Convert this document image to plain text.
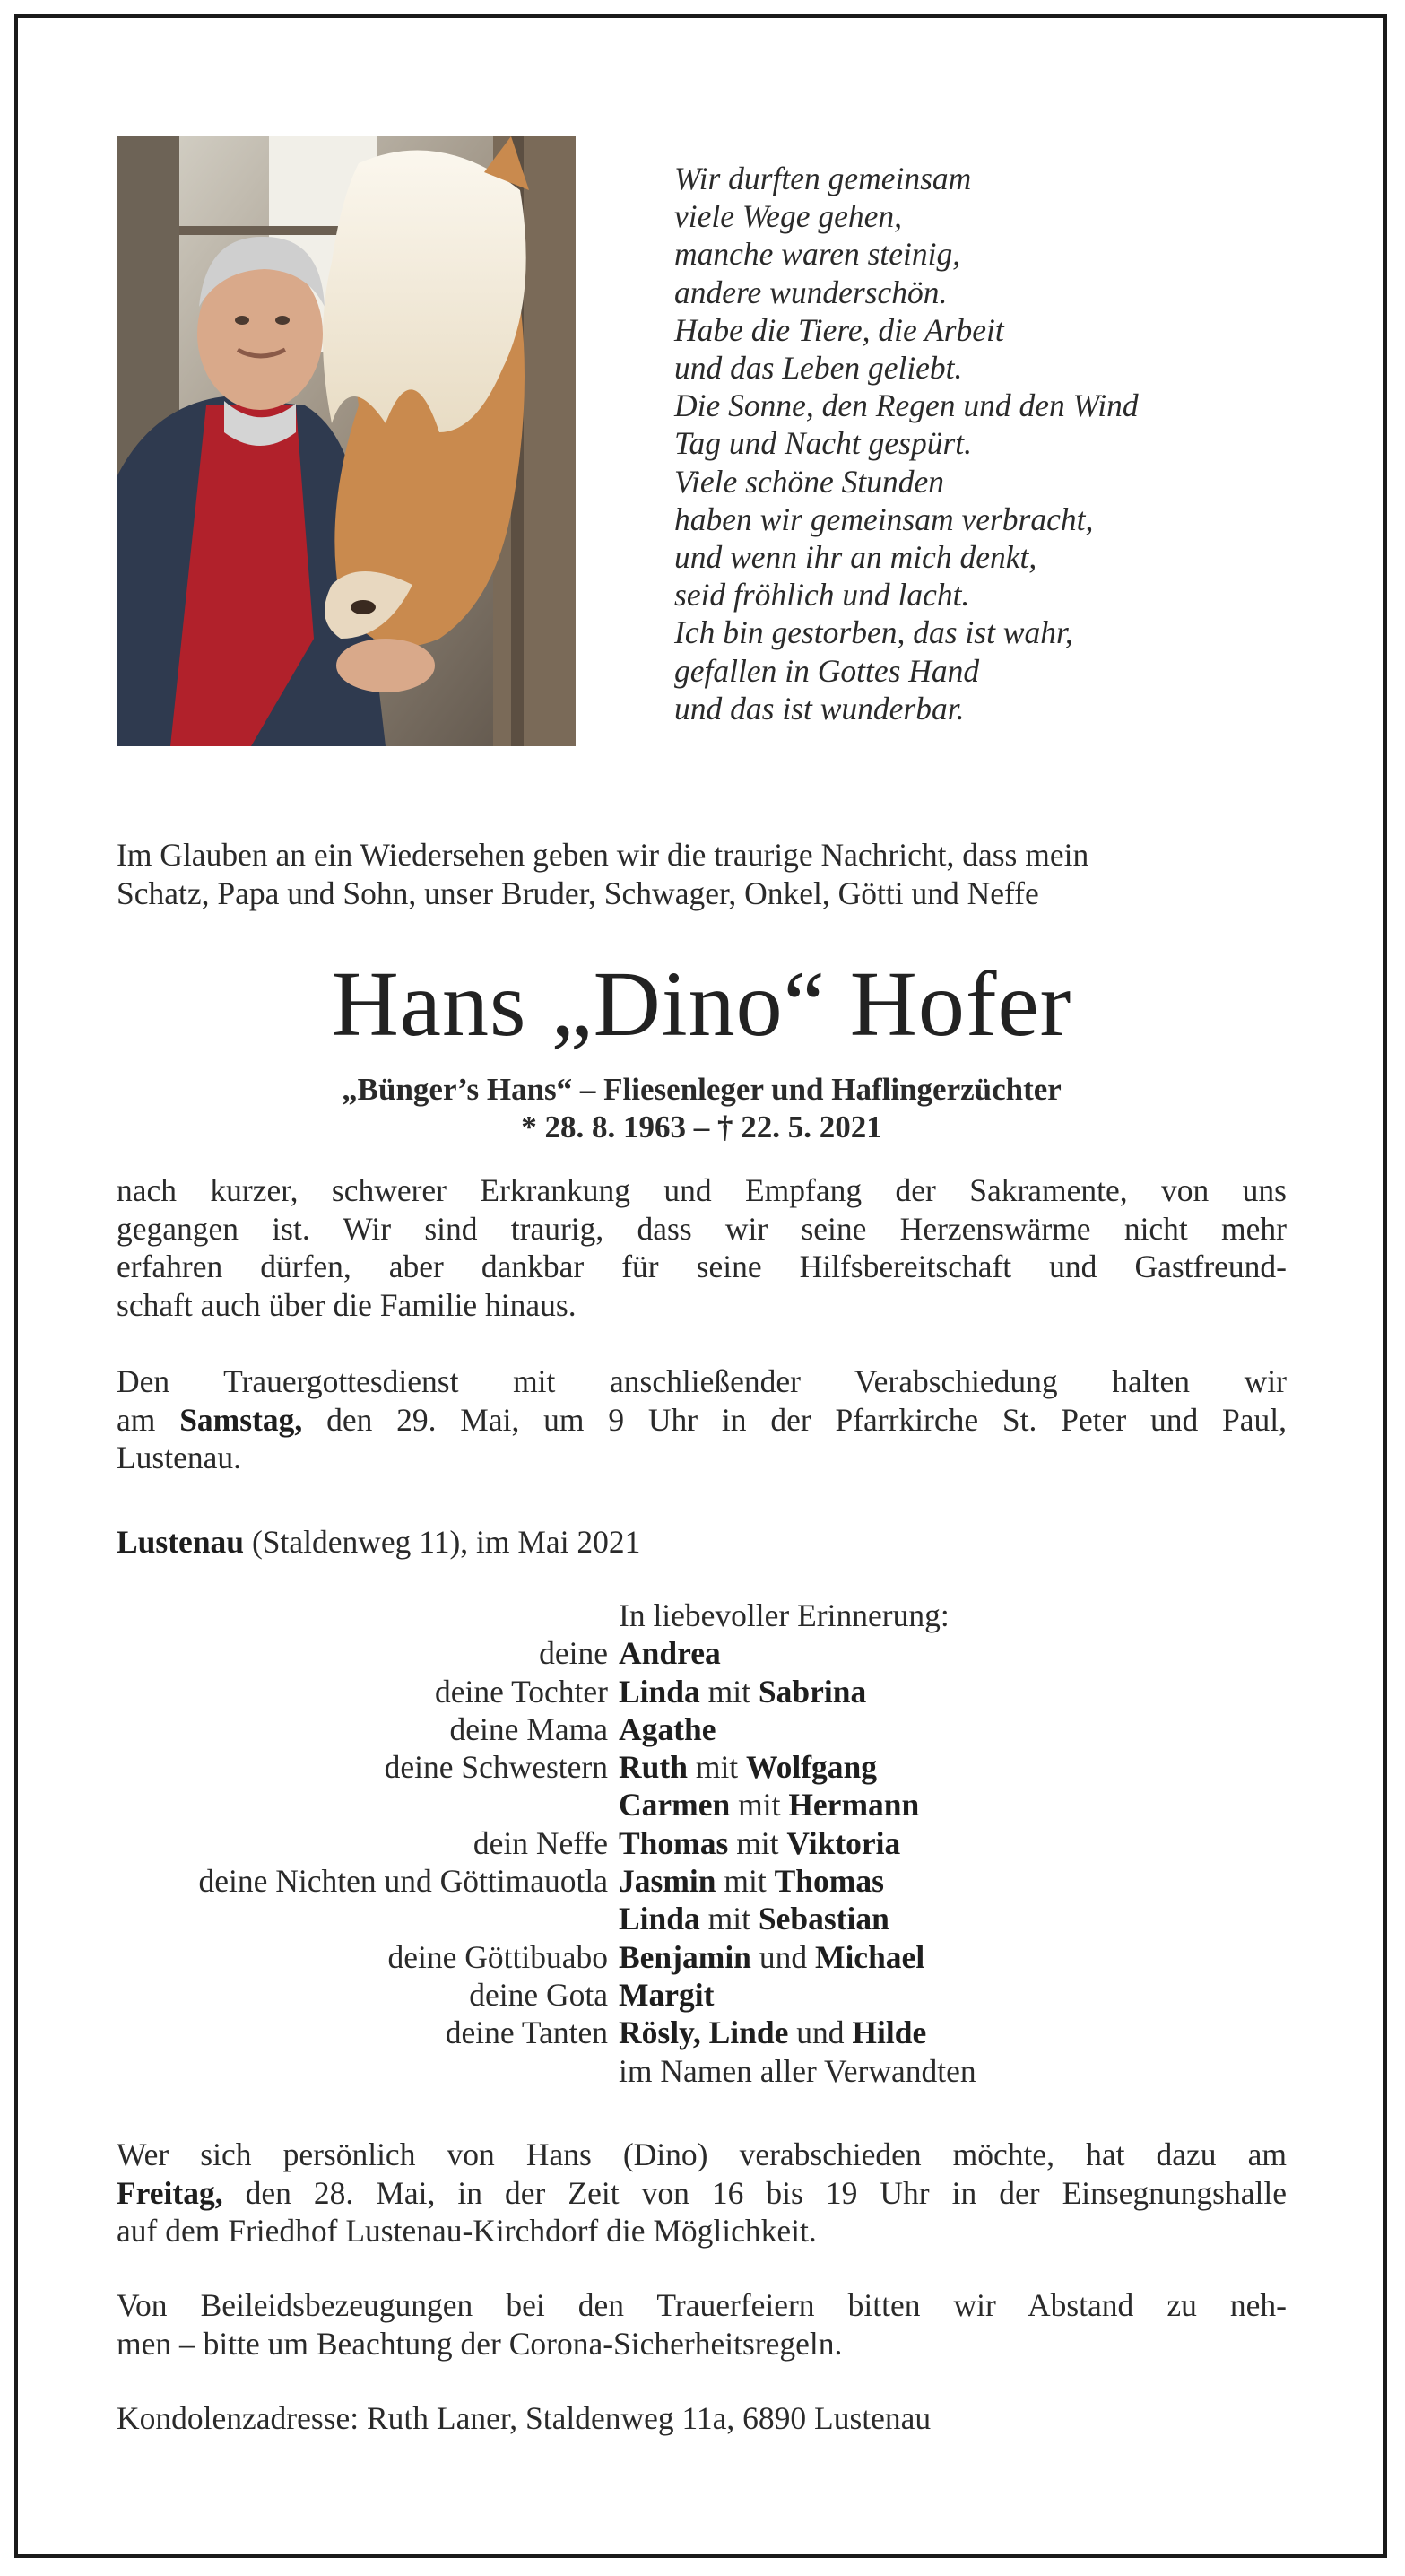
Wir durften gemeinsam
viele Wege gehen,
manche waren steinig,
andere wunderschön.
Habe die Tiere, die Arbeit
und das Leben geliebt.
Die Sonne, den Regen und den Wind
Tag und Nacht gespürt.
Viele schöne Stunden
haben wir gemeinsam verbracht,
und wenn ihr an mich denkt,
seid fröhlich und lacht.
Ich bin gestorben, das ist wahr,
gefallen in Gottes Hand
und das ist wunderbar.
Im Glauben an ein Wiedersehen geben wir die traurige Nachricht, dass mein
Schatz, Papa und Sohn, unser Bruder, Schwager, Onkel, Götti und Neffe
Hans „Dino“ Hofer
„Bünger’s Hans“ – Fliesenleger und Haflingerzüchter
* 28. 8. 1963 – † 22. 5. 2021
nach kurzer, schwerer Erkrankung und Empfang der Sakramente, von uns
gegangen ist. Wir sind traurig, dass wir seine Herzenswärme nicht mehr
erfahren dürfen, aber dankbar für seine Hilfsbereitschaft und Gastfreund-
schaft auch über die Familie hinaus.
Den Trauergottesdienst mit anschließender Verabschiedung halten wir
am Samstag, den 29. Mai, um 9 Uhr in der Pfarrkirche St. Peter und Paul,
Lustenau.
Lustenau (Staldenweg 11), im Mai 2021
In liebevoller Erinnerung:
deine Andrea
deine Tochter Linda mit Sabrina
deine Mama Agathe
deine Schwestern Ruth mit Wolfgang
Carmen mit Hermann
dein Neffe Thomas mit Viktoria
deine Nichten und Göttimauotla Jasmin mit Thomas
Linda mit Sebastian
deine Göttibuabo Benjamin und Michael
deine Gota Margit
deine Tanten Rösly, Linde und Hilde
im Namen aller Verwandten
Wer sich persönlich von Hans (Dino) verabschieden möchte, hat dazu am
Freitag, den 28. Mai, in der Zeit von 16 bis 19 Uhr in der Einsegnungshalle
auf dem Friedhof Lustenau-Kirchdorf die Möglichkeit.
Von Beileidsbezeugungen bei den Trauerfeiern bitten wir Abstand zu neh-
men – bitte um Beachtung der Corona-Sicherheitsregeln.
Kondolenzadresse: Ruth Laner, Staldenweg 11a, 6890 Lustenau
